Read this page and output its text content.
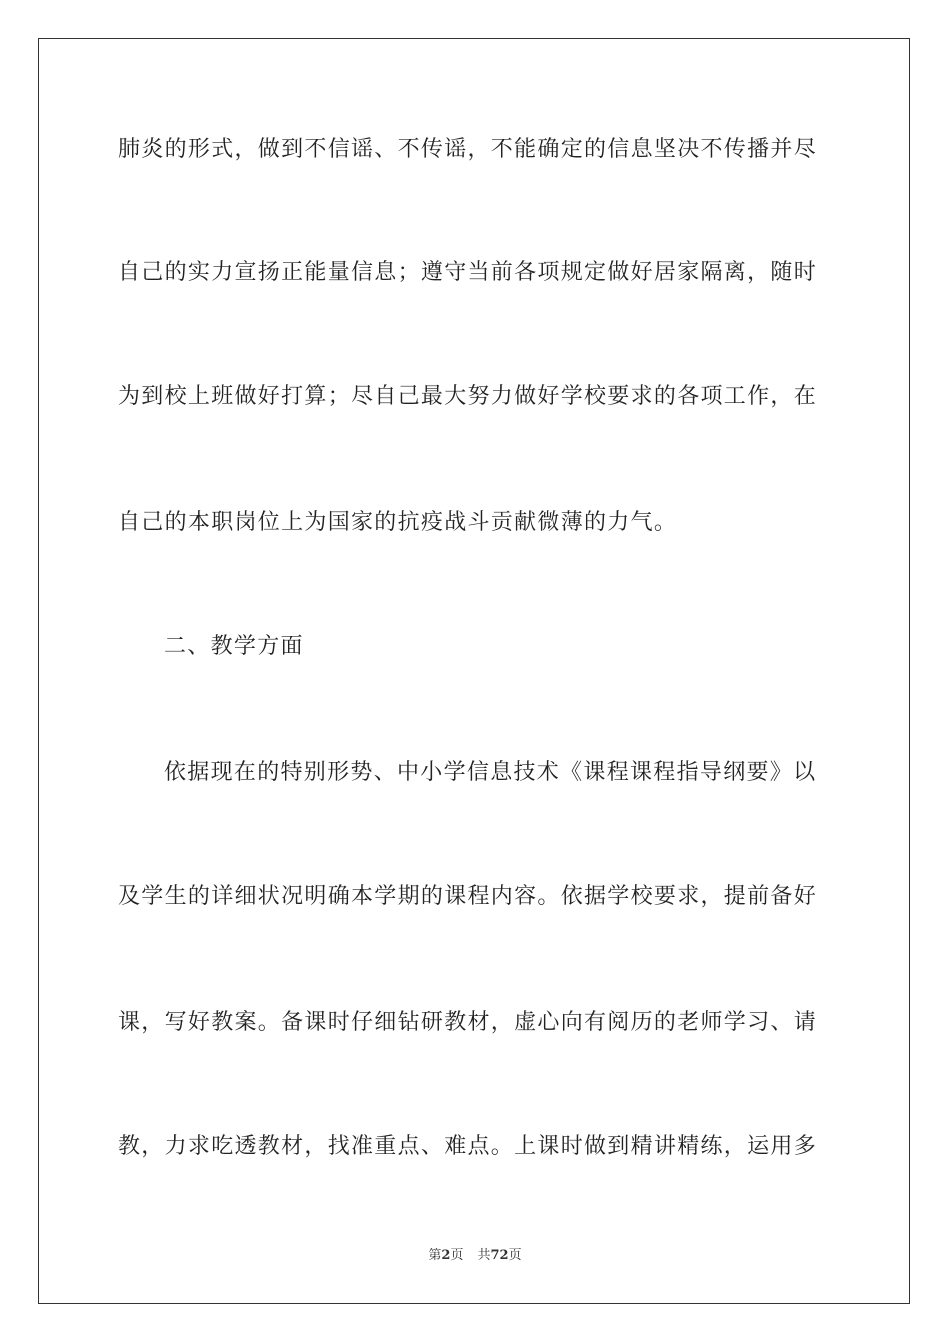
肺炎的形式，做到不信谣、不传谣，不能确定的信息坚决不传播并尽
自己的实力宣扬正能量信息；遵守当前各项规定做好居家隔离，随时
为到校上班做好打算；尽自己最大努力做好学校要求的各项工作，在
自己的本职岗位上为国家的抗疫战斗贡献微薄的力气。
二、教学方面
依据现在的特别形势、中小学信息技术《课程课程指导纲要》以
及学生的详细状况明确本学期的课程内容。依据学校要求，提前备好
课，写好教案。备课时仔细钻研教材，虚心向有阅历的老师学习、请
教，力求吃透教材，找准重点、难点。上课时做到精讲精练，运用多
第2页 共72页
